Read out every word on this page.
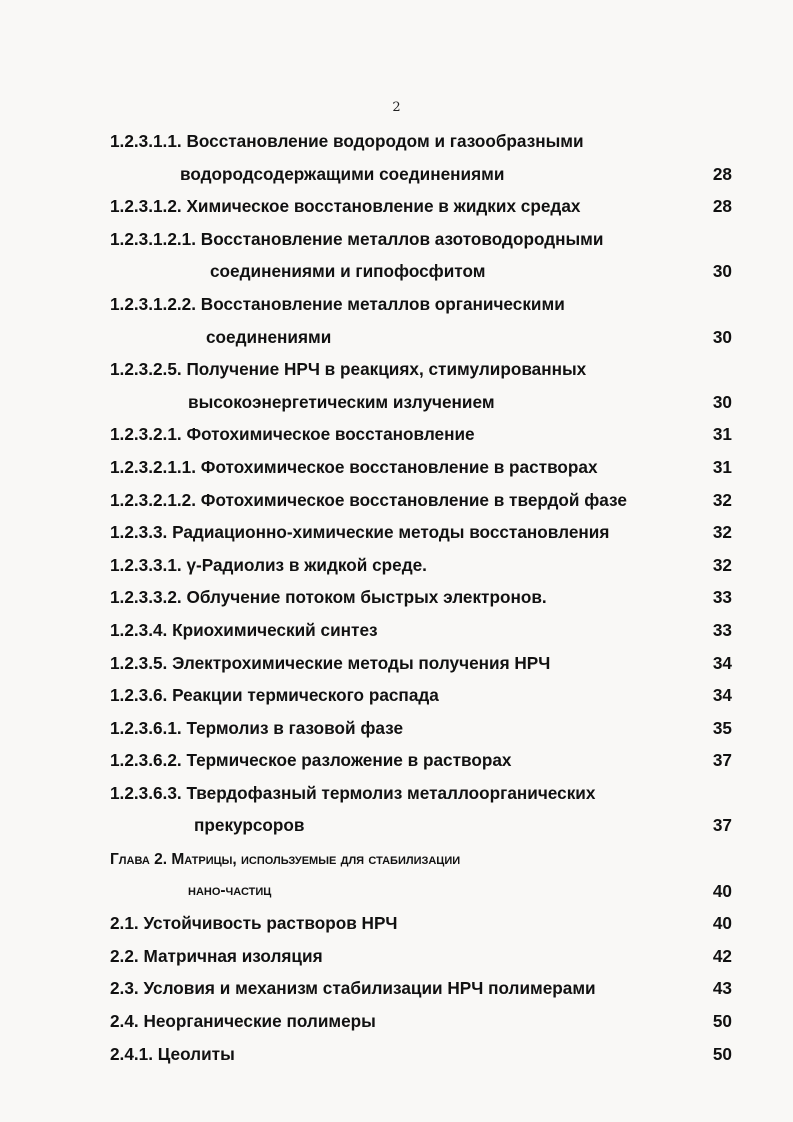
2
1.2.3.1.1. Восстановление водородом и газообразными
водородсодержащими соединениями	28
1.2.3.1.2. Химическое восстановление в жидких средах	28
1.2.3.1.2.1. Восстановление металлов азотоводородными
соединениями и гипофосфитом	30
1.2.3.1.2.2. Восстановление металлов органическими
соединениями	30
1.2.3.2.5. Получение НРЧ в реакциях, стимулированных
высокоэнергетическим излучением	30
1.2.3.2.1. Фотохимическое восстановление	31
1.2.3.2.1.1. Фотохимическое восстановление в растворах	31
1.2.3.2.1.2. Фотохимическое восстановление в твердой фазе	32
1.2.3.3. Радиационно-химические методы восстановления	32
1.2.3.3.1. γ-Радиолиз в жидкой среде.	32
1.2.3.3.2. Облучение потоком быстрых электронов.	33
1.2.3.4. Криохимический синтез	33
1.2.3.5. Электрохимические методы получения НРЧ	34
1.2.3.6. Реакции термического распада	34
1.2.3.6.1. Термолиз в газовой фазе	35
1.2.3.6.2. Термическое разложение в растворах	37
1.2.3.6.3. Твердофазный термолиз металлоорганических
прекурсоров	37
Глава 2. Матрицы, используемые для стабилизации
нано-частиц	40
2.1. Устойчивость растворов НРЧ	40
2.2. Матричная изоляция	42
2.3. Условия и механизм стабилизации НРЧ полимерами	43
2.4. Неорганические полимеры	50
2.4.1. Цеолиты	50
